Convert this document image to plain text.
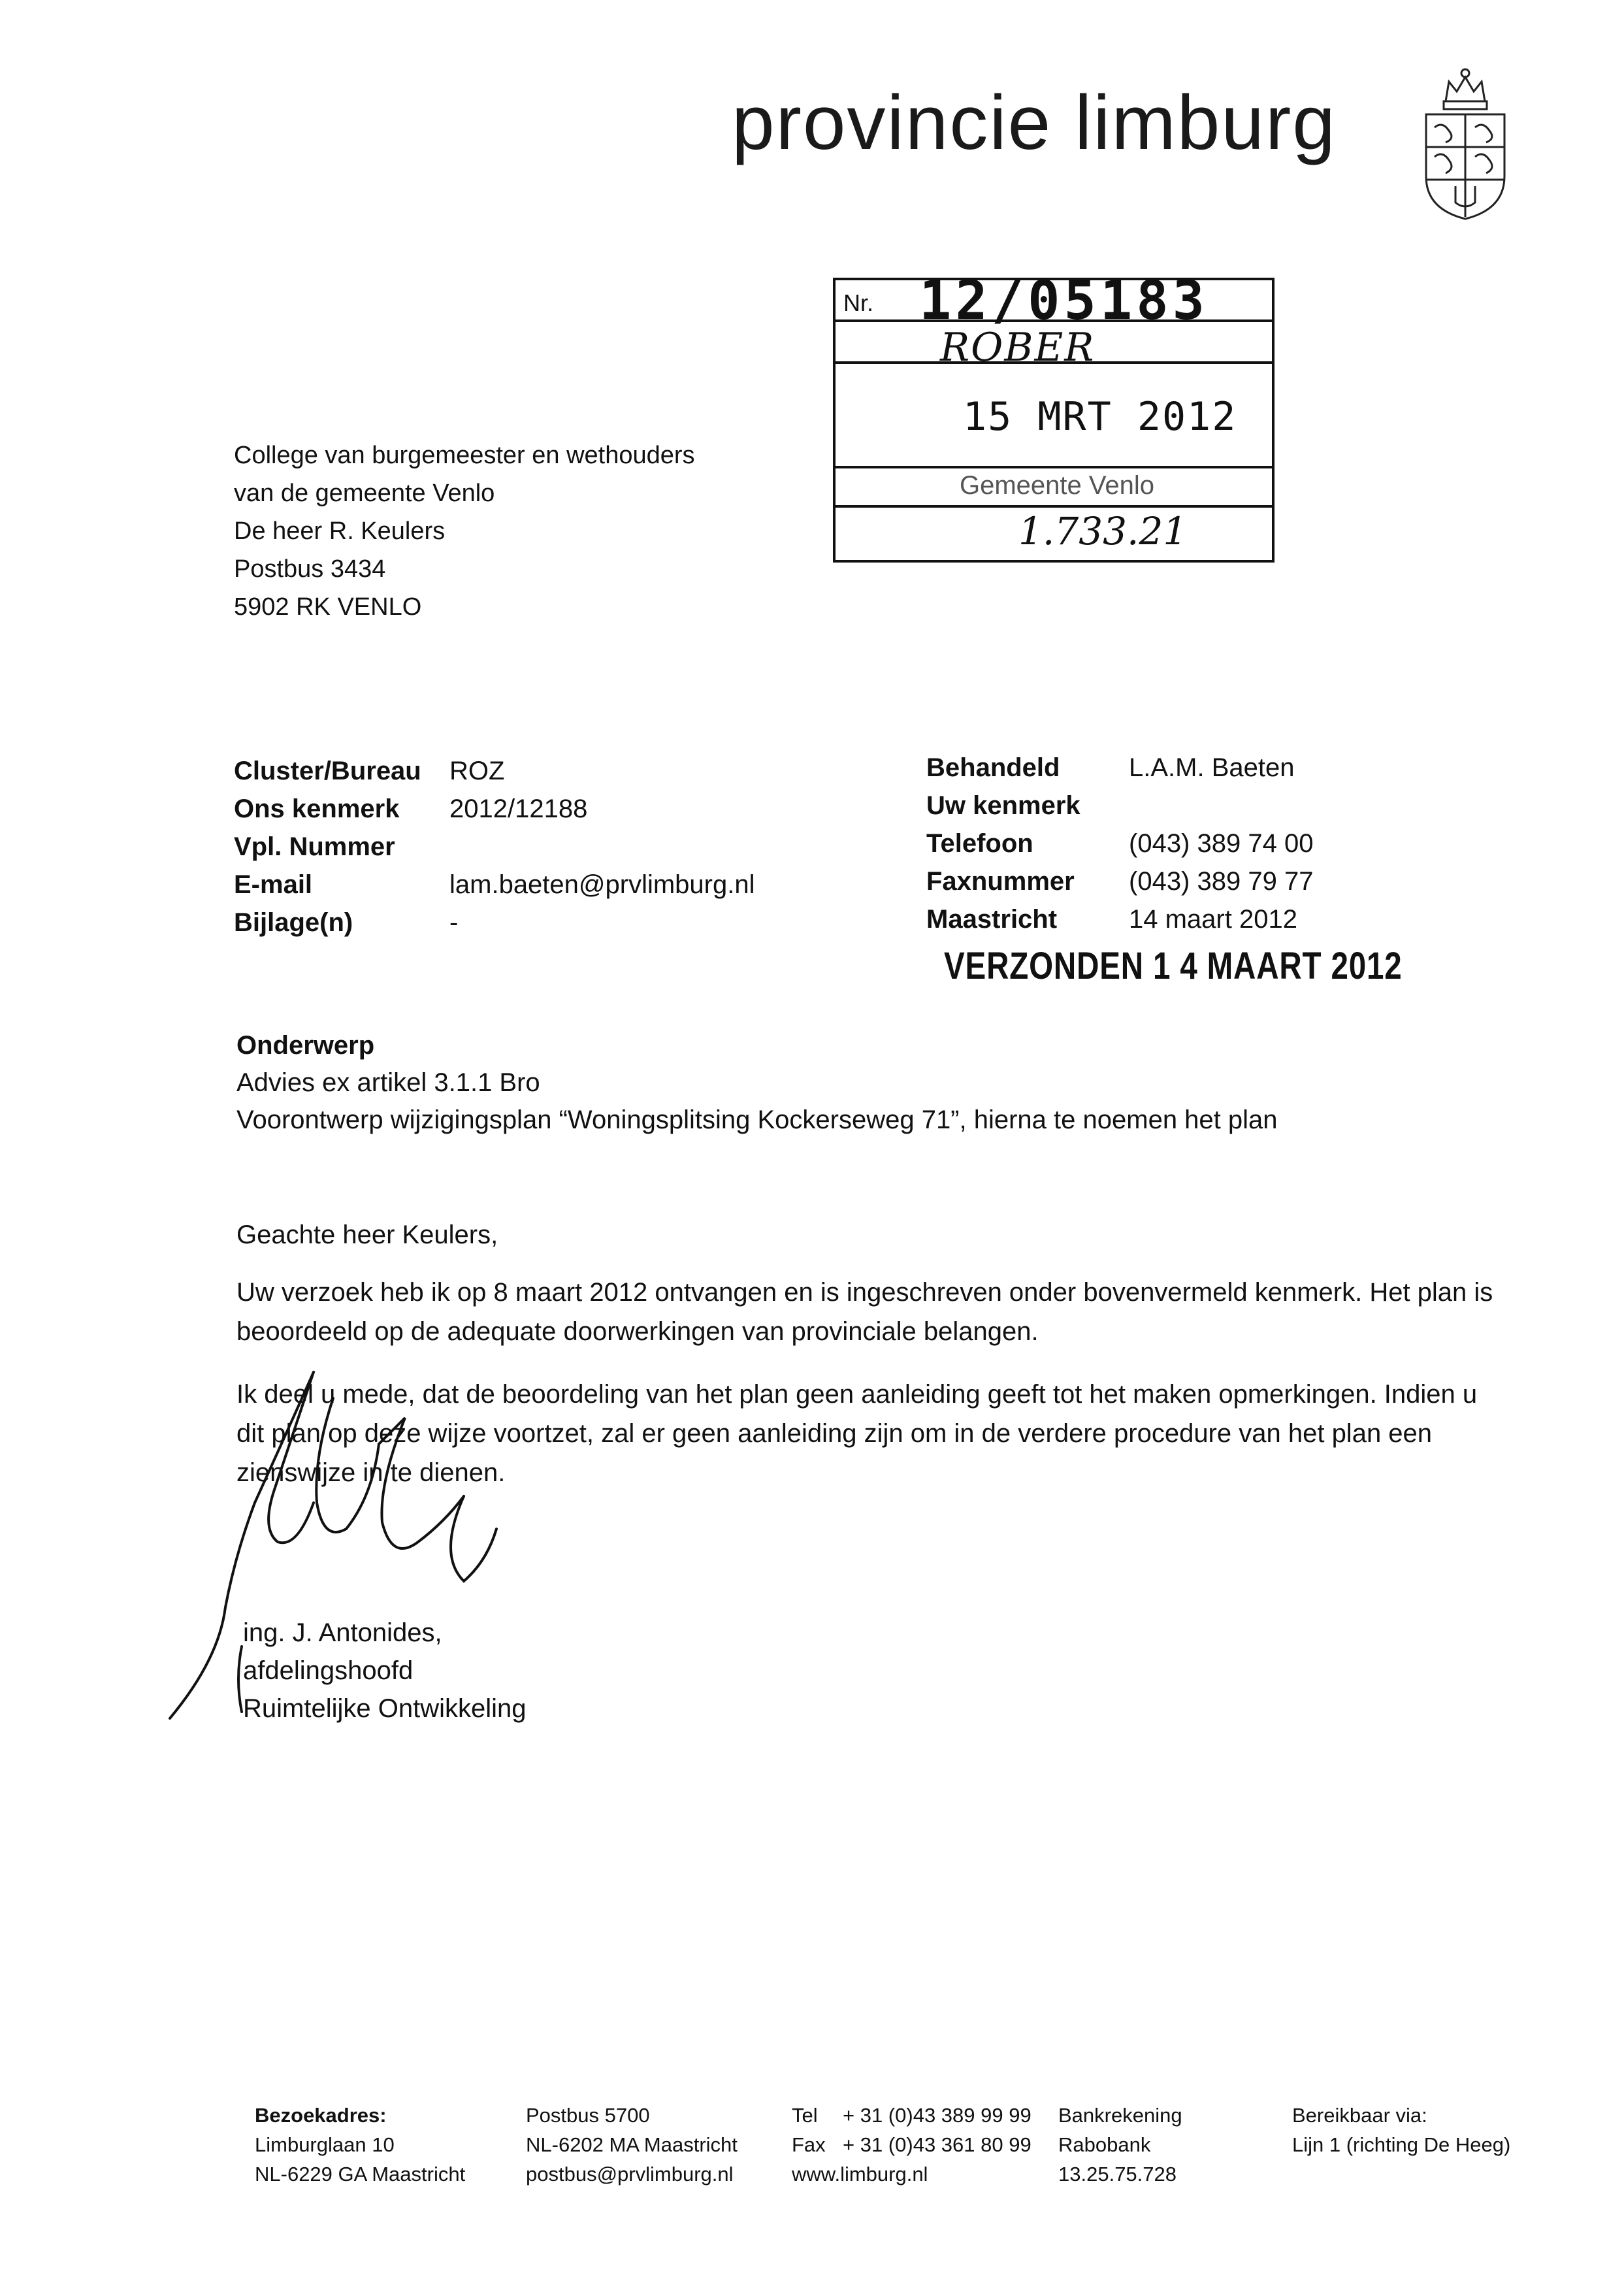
provincie limburg
Nr. 12/05183
ROBER
15 MRT 2012
Gemeente Venlo
1.733.21
College van burgemeester en wethouders
van de gemeente Venlo
De heer R. Keulers
Postbus 3434
5902 RK VENLO
Cluster/Bureau ROZ
Ons kenmerk 2012/12188
Vpl. Nummer
E-mail	lam.baeten@prvlimburg.nl
Bijlage(n)	-
Behandeld	L.A.M. Baeten
Uw kenmerk
Telefoon	(043) 389 74 00
Faxnummer (043) 389 79 77
Maastricht	14 maart 2012
VERZONDEN 1 4 MAART 2012
Onderwerp
Advies ex artikel 3.1.1 Bro
Voorontwerp wijzigingsplan “Woningsplitsing Kockerseweg 71”, hierna te noemen het plan

Geachte heer Keulers,

Uw verzoek heb ik op 8 maart 2012 ontvangen en is ingeschreven onder bovenvermeld kenmerk. Het plan is beoordeeld op de adequate doorwerkingen van provinciale belangen.

Ik deel u mede, dat de beoordeling van het plan geen aanleiding geeft tot het maken opmerkingen. Indien u dit plan op deze wijze voortzet, zal er geen aanleiding zijn om in de verdere procedure van het plan een zienswijze in te dienen.

ing. J. Antonides,
afdelingshoofd
Ruimtelijke Ontwikkeling
Bezoekadres:
Limburglaan 10
NL-6229 GA Maastricht
Postbus 5700
NL-6202 MA Maastricht
postbus@prvlimburg.nl
Tel + 31 (0)43 389 99 99
Fax + 31 (0)43 361 80 99
www.limburg.nl
Bankrekening
Rabobank
13.25.75.728
Bereikbaar via:
Lijn 1 (richting De Heeg)
